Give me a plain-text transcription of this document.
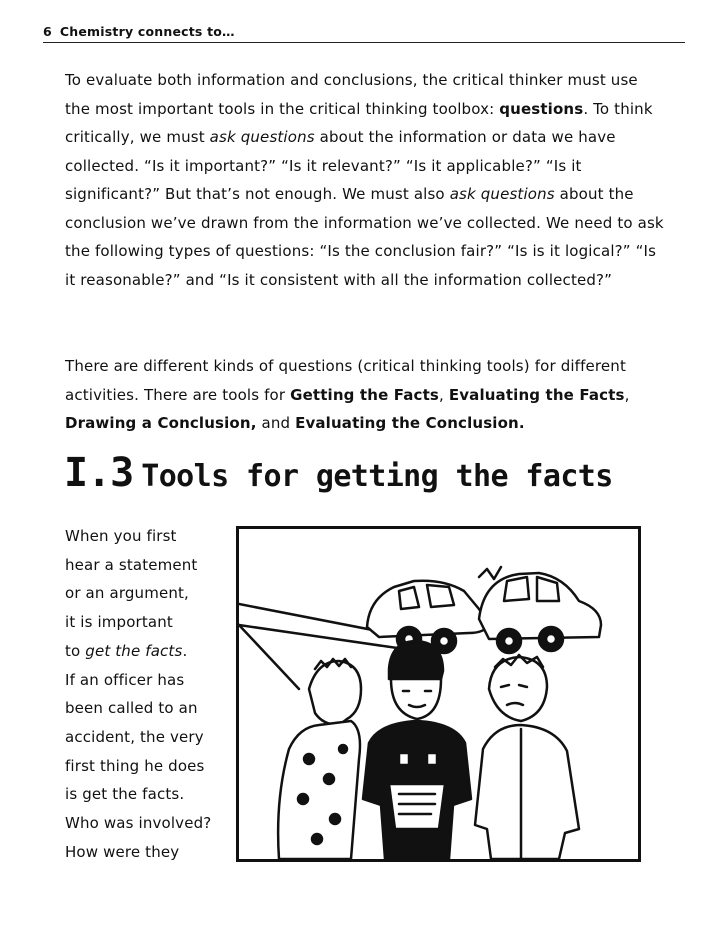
6 Chemistry connects to…

To evaluate both information and conclusions, the critical thinker must use the most important tools in the critical thinking toolbox: questions. To think critically, we must ask questions about the information or data we have collected. “Is it important?” “Is it relevant?” “Is it applicable?” “Is it significant?” But that’s not enough. We must also ask questions about the conclusion we’ve drawn from the information we’ve collected. We need to ask the following types of questions: “Is the conclusion fair?” “Is is it logical?” “Is it reasonable?” and “Is it consistent with all the information collected?”

There are different kinds of questions (critical thinking tools) for different activities. There are tools for Getting the Facts, Evaluating the Facts, Drawing a Conclusion, and Evaluating the Conclusion.

I.3 Tools for getting the facts
When you first
hear a statement
or an argument,
it is important
to get the facts.
If an officer has
been called to an
accident, the very
first thing he does
is get the facts.
Who was involved?
How were they
